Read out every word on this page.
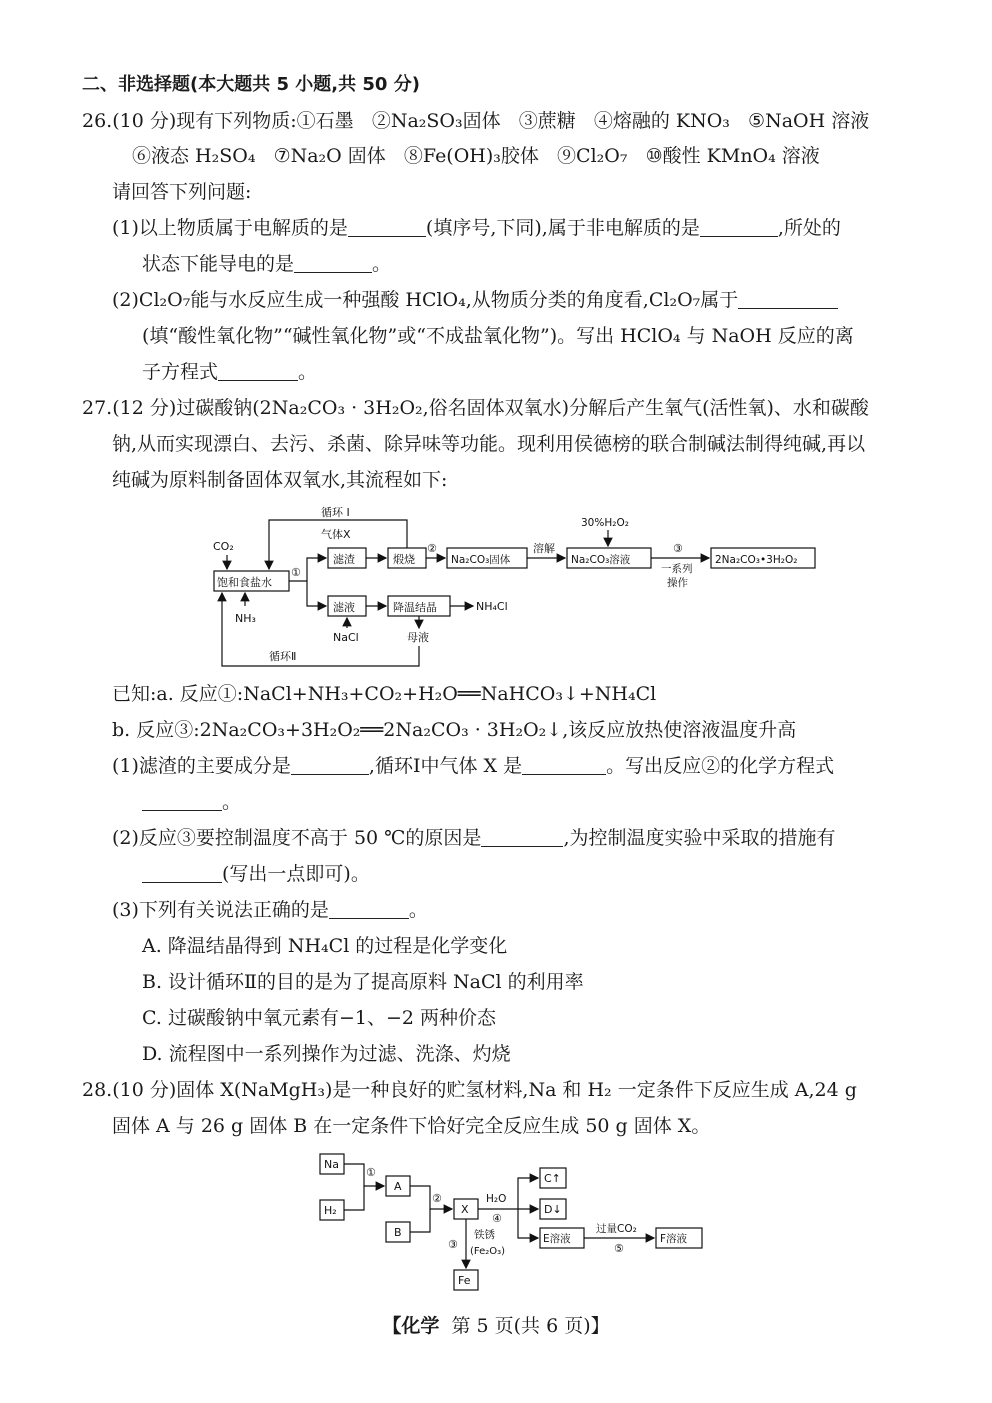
二、非选择题(本大题共 5 小题,共 50 分)
26.(10 分)现有下列物质:①石墨 ②Na₂SO₃固体 ③蔗糖 ④熔融的 KNO₃ ⑤NaOH 溶液
⑥液态 H₂SO₄ ⑦Na₂O 固体 ⑧Fe(OH)₃胶体 ⑨Cl₂O₇ ⑩酸性 KMnO₄ 溶液
请回答下列问题:
(1)以上物质属于电解质的是	(填序号,下同),属于非电解质的是	,所处的
状态下能导电的是	。
(2)Cl₂O₇能与水反应生成一种强酸 HClO₄,从物质分类的角度看,Cl₂O₇属于
(填“酸性氧化物”“碱性氧化物”或“不成盐氧化物”)。写出 HClO₄ 与 NaOH 反应的离
子方程式	。
27.(12 分)过碳酸钠(2Na₂CO₃ · 3H₂O₂,俗名固体双氧水)分解后产生氧气(活性氧)、水和碳酸
钠,从而实现漂白、去污、杀菌、除异味等功能。现利用侯德榜的联合制碱法制得纯碱,再以
纯碱为原料制备固体双氧水,其流程如下:
循环 I
气体X
CO₂
饱和食盐水
①
滤渣	煅烧
②
Na₂CO₃固体
溶解
30%H₂O₂
Na₂CO₃溶液
③
一系列
操作
2Na₂CO₃•3H₂O₂
NH₃
滤液	降温结晶	NH₄Cl
NaCl	母液
循环Ⅱ
已知:a. 反应①:NaCl+NH₃+CO₂+H₂O══NaHCO₃↓+NH₄Cl
b. 反应③:2Na₂CO₃+3H₂O₂══2Na₂CO₃ · 3H₂O₂↓,该反应放热使溶液温度升高
(1)滤渣的主要成分是	,循环Ⅰ中气体 X 是	。写出反应②的化学方程式
。
(2)反应③要控制温度不高于 50 ℃的原因是	,为控制温度实验中采取的措施有
(写出一点即可)。
(3)下列有关说法正确的是	。
A. 降温结晶得到 NH₄Cl 的过程是化学变化
B. 设计循环Ⅱ的目的是为了提高原料 NaCl 的利用率
C. 过碳酸钠中氧元素有−1、−2 两种价态
D. 流程图中一系列操作为过滤、洗涤、灼烧
28.(10 分)固体 X(NaMgH₃)是一种良好的贮氢材料,Na 和 H₂ 一定条件下反应生成 A,24 g
固体 A 与 26 g 固体 B 在一定条件下恰好完全反应生成 50 g 固体 X。
Na
H₂
①
A
B
②
X
H₂O
④
C↑
D↓
E溶液
过量CO₂
⑤
F溶液
铁锈
(Fe₂O₃)
③
Fe
【化学 第 5 页(共 6 页)】
